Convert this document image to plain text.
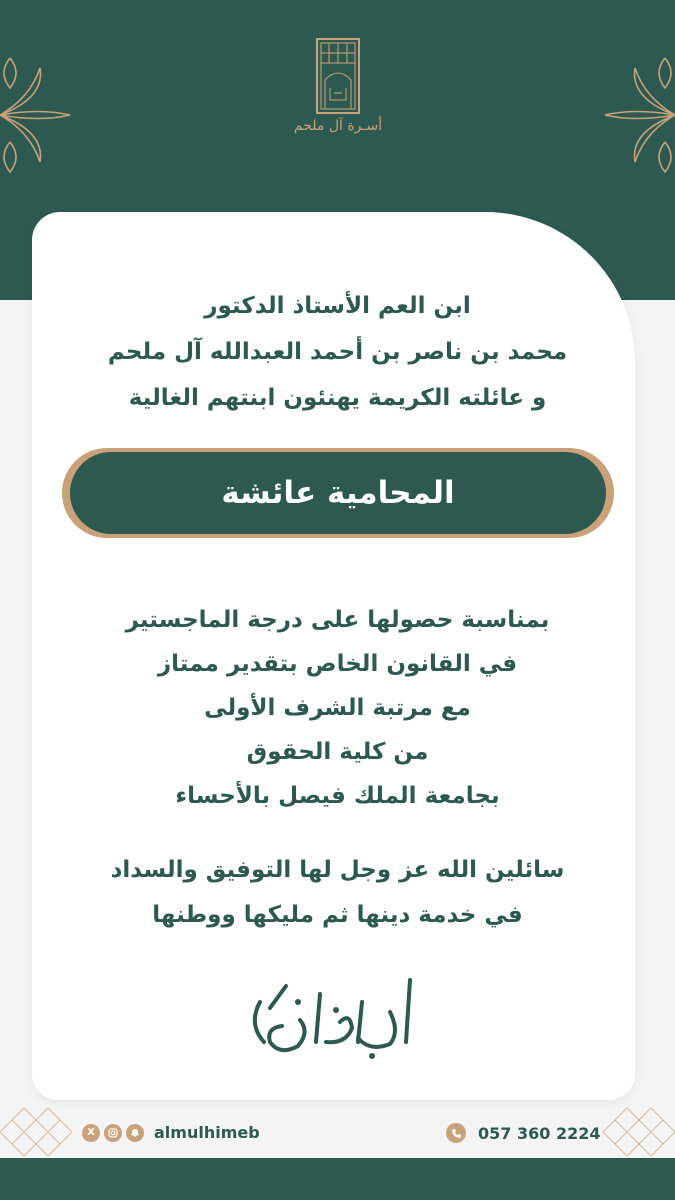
أسـرة آل ملحم
ابن العم الأستاذ الدكتور
محمد بن ناصر بن أحمد العبدالله آل ملحم
و عائلته الكريمة يهنئون ابنتهم الغالية
المحامية عائشة
بمناسبة حصولها على درجة الماجستير
في القانون الخاص بتقدير ممتاز
مع مرتبة الشرف الأولى
من كلية الحقوق
بجامعة الملك فيصل بالأحساء
سائلين الله عز وجل لها التوفيق والسداد
في خدمة دينها ثم مليكها ووطنها
X	almulhimeb	057 360 2224
